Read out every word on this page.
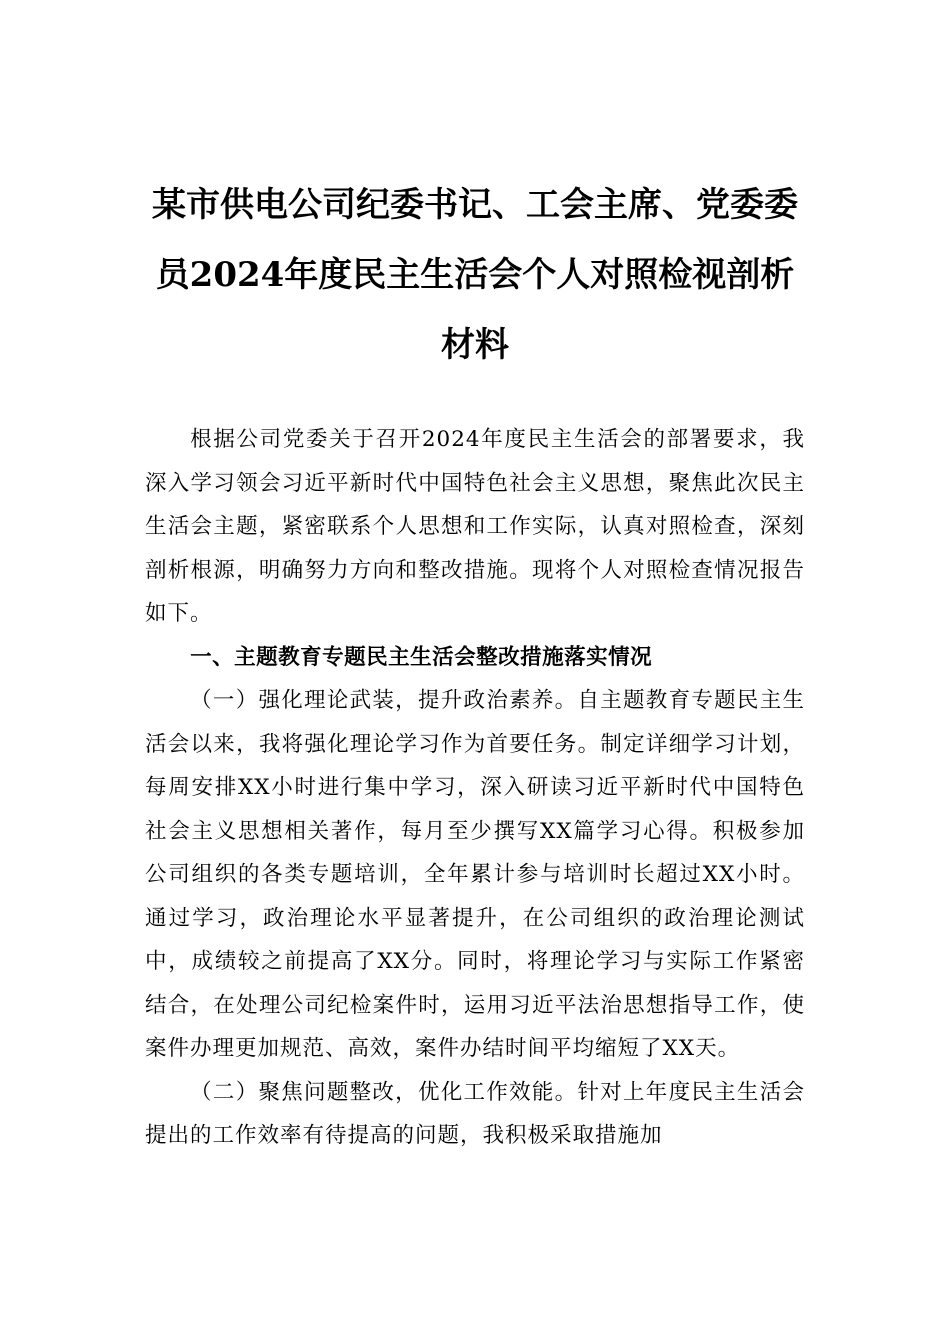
某市供电公司纪委书记、工会主席、党委委员2024年度民主生活会个人对照检视剖析材料

根据公司党委关于召开2024年度民主生活会的部署要求，我深入学习领会习近平新时代中国特色社会主义思想，聚焦此次民主生活会主题，紧密联系个人思想和工作实际，认真对照检查，深刻剖析根源，明确努力方向和整改措施。现将个人对照检查情况报告如下。

一、主题教育专题民主生活会整改措施落实情况

（一）强化理论武装，提升政治素养。自主题教育专题民主生活会以来，我将强化理论学习作为首要任务。制定详细学习计划，每周安排XX小时进行集中学习，深入研读习近平新时代中国特色社会主义思想相关著作，每月至少撰写XX篇学习心得。积极参加公司组织的各类专题培训，全年累计参与培训时长超过XX小时。通过学习，政治理论水平显著提升，在公司组织的政治理论测试中，成绩较之前提高了XX分。同时，将理论学习与实际工作紧密结合，在处理公司纪检案件时，运用习近平法治思想指导工作，使案件办理更加规范、高效，案件办结时间平均缩短了XX天。

（二）聚焦问题整改，优化工作效能。针对上年度民主生活会提出的工作效率有待提高的问题，我积极采取措施加
